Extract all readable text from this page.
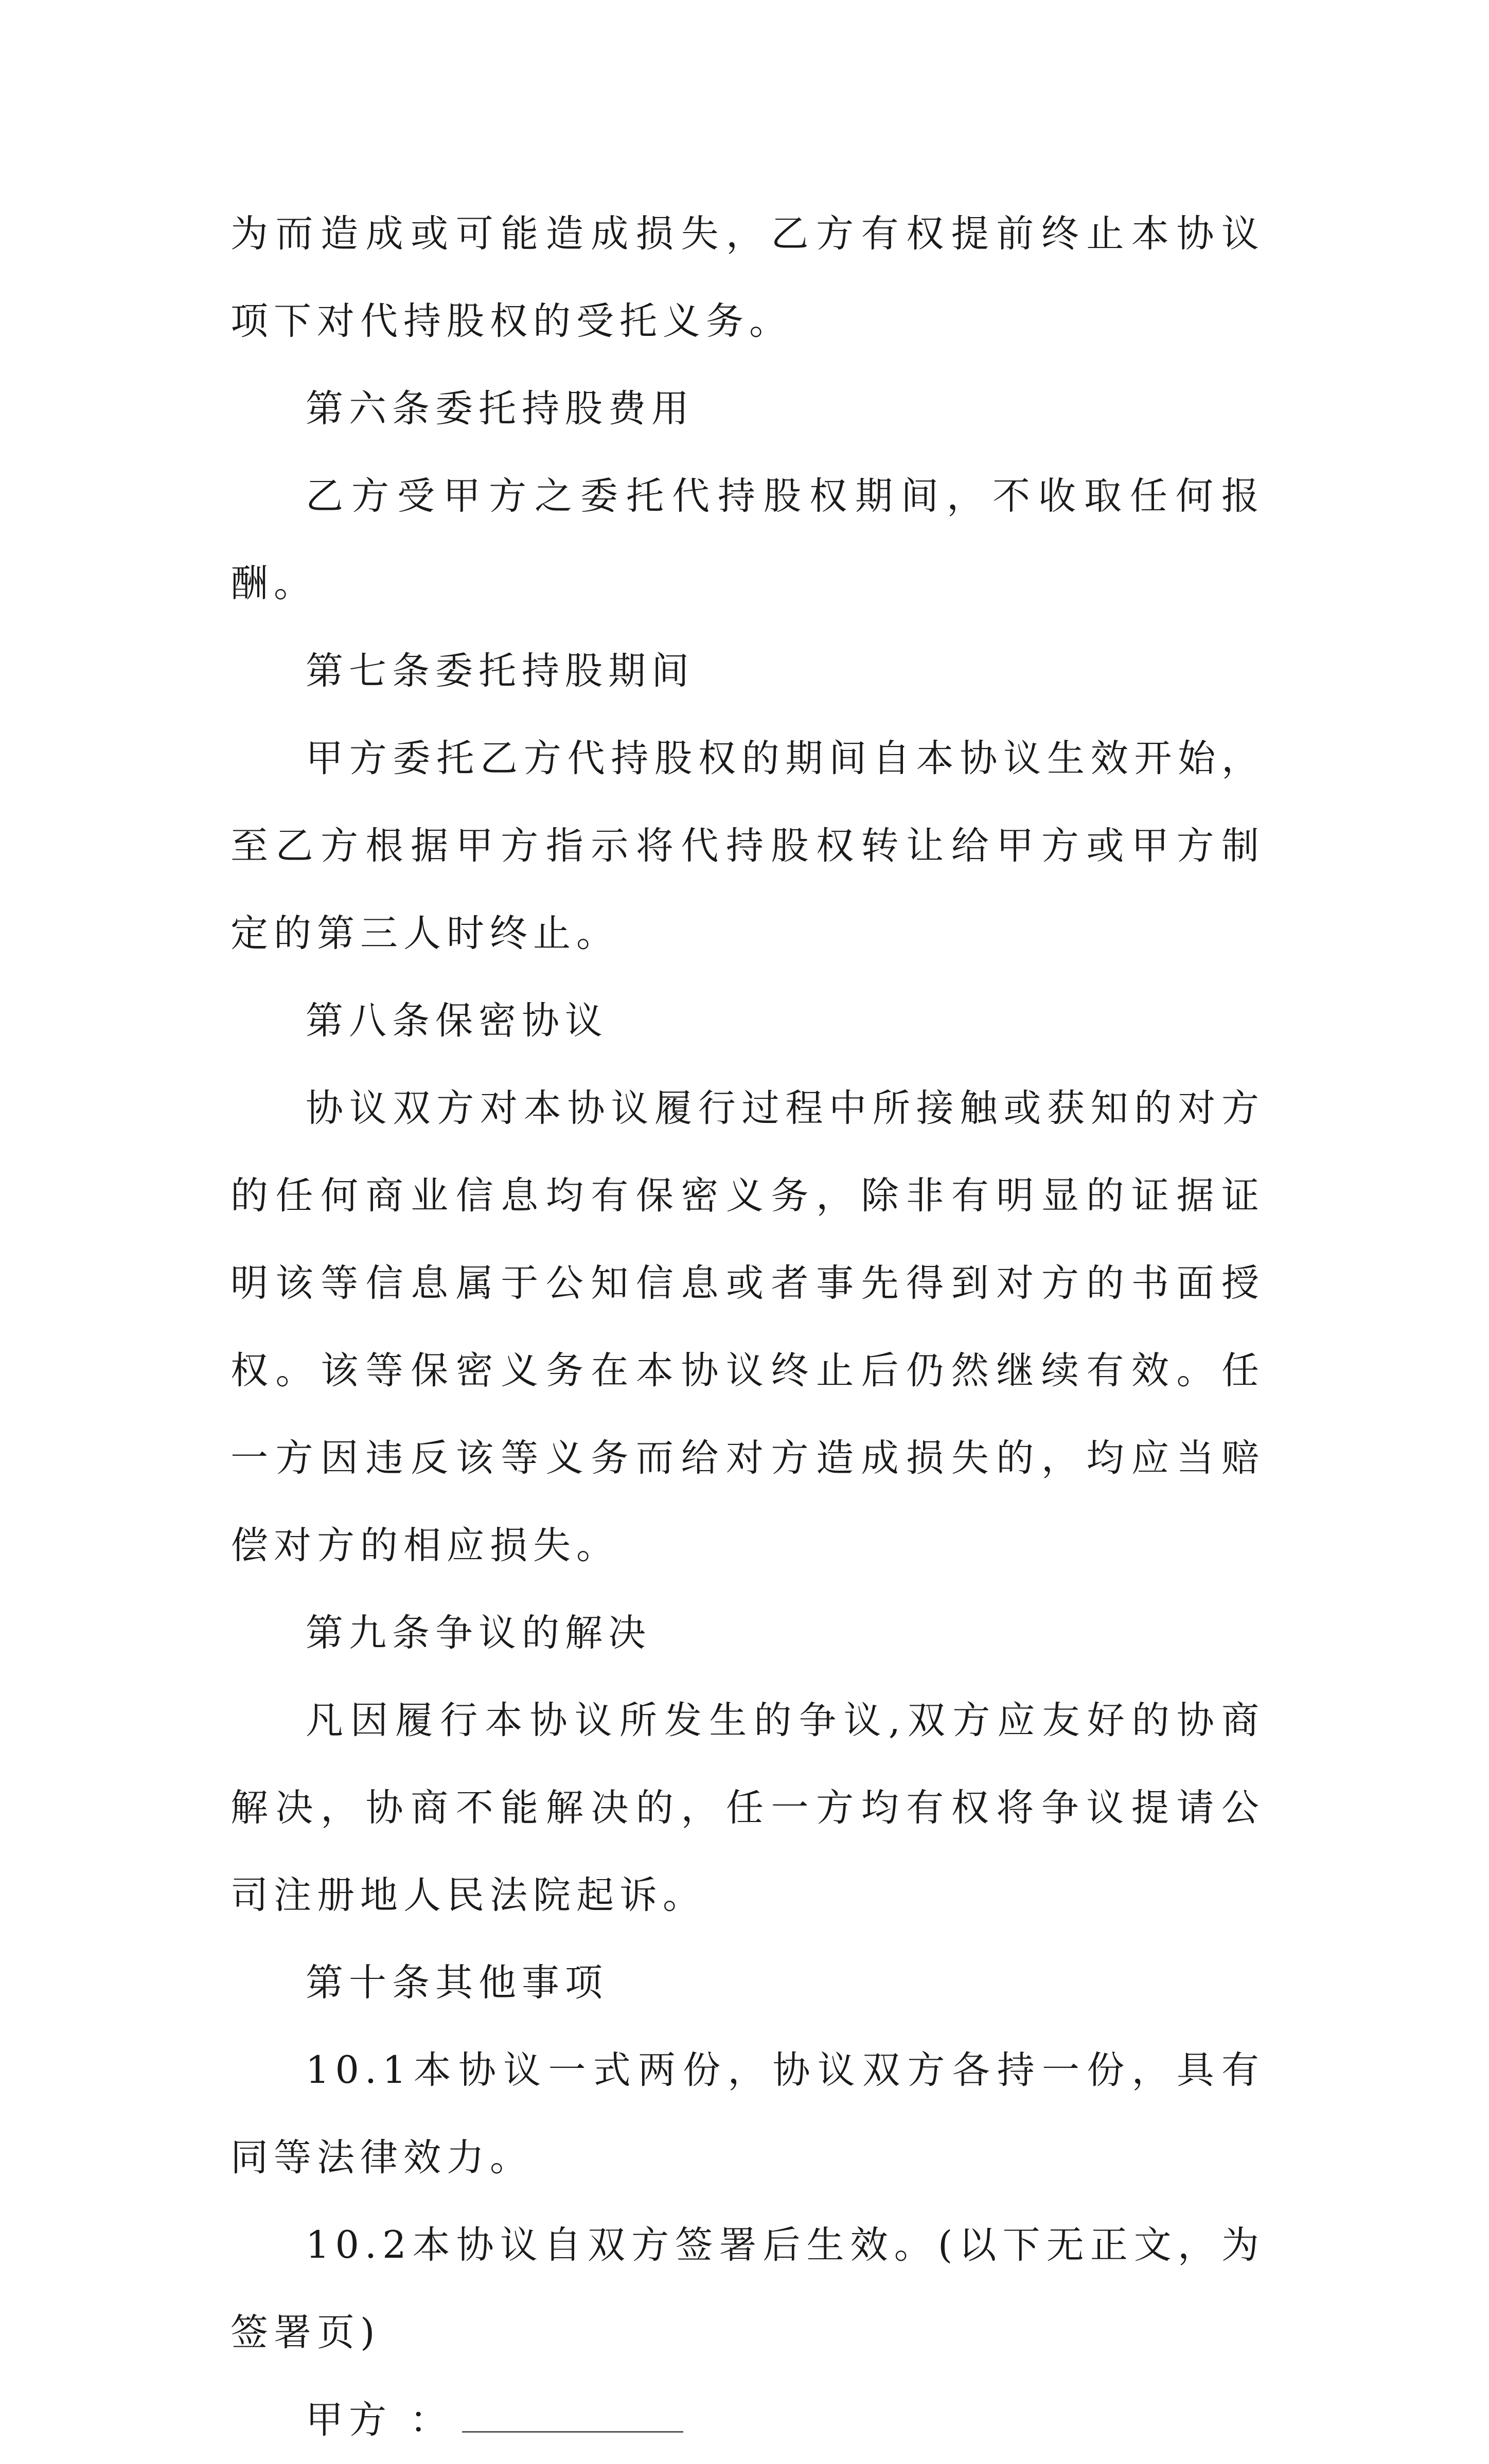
为而造成或可能造成损失，乙方有权提前终止本协议项下对代持股权的受托义务。

第六条委托持股费用

乙方受甲方之委托代持股权期间，不收取任何报酬。

第七条委托持股期间

甲方委托乙方代持股权的期间自本协议生效开始，至乙方根据甲方指示将代持股权转让给甲方或甲方制定的第三人时终止。

第八条保密协议

协议双方对本协议履行过程中所接触或获知的对方的任何商业信息均有保密义务，除非有明显的证据证明该等信息属于公知信息或者事先得到对方的书面授权。该等保密义务在本协议终止后仍然继续有效。任一方因违反该等义务而给对方造成损失的，均应当赔偿对方的相应损失。

第九条争议的解决

凡因履行本协议所发生的争议,双方应友好的协商解决，协商不能解决的，任一方均有权将争议提请公司注册地人民法院起诉。

第十条其他事项

10.1本协议一式两份，协议双方各持一份，具有同等法律效力。

10.2本协议自双方签署后生效。(以下无正文，为签署页)

甲方 ：
